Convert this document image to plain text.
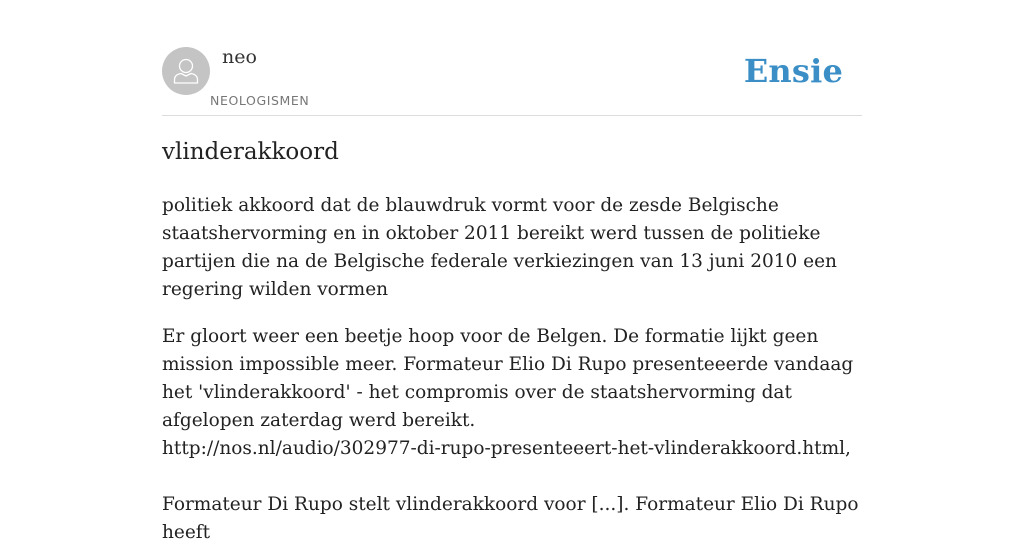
neo
NEOLOGISMEN
Ensie
vlinderakkoord

politiek akkoord dat de blauwdruk vormt voor de zesde Belgische staatshervorming en in oktober 2011 bereikt werd tussen de politieke partijen die na de Belgische federale verkiezingen van 13 juni 2010 een regering wilden vormen

Er gloort weer een beetje hoop voor de Belgen. De formatie lijkt geen mission impossible meer. Formateur Elio Di Rupo presenteeerde vandaag het 'vlinderakkoord' - het compromis over de staatshervorming dat afgelopen zaterdag werd bereikt.
http://nos.nl/audio/302977-di-rupo-presenteeert-het-vlinderakkoord.html,
Formateur Di Rupo stelt vlinderakkoord voor [...]. Formateur Elio Di Rupo heeft
